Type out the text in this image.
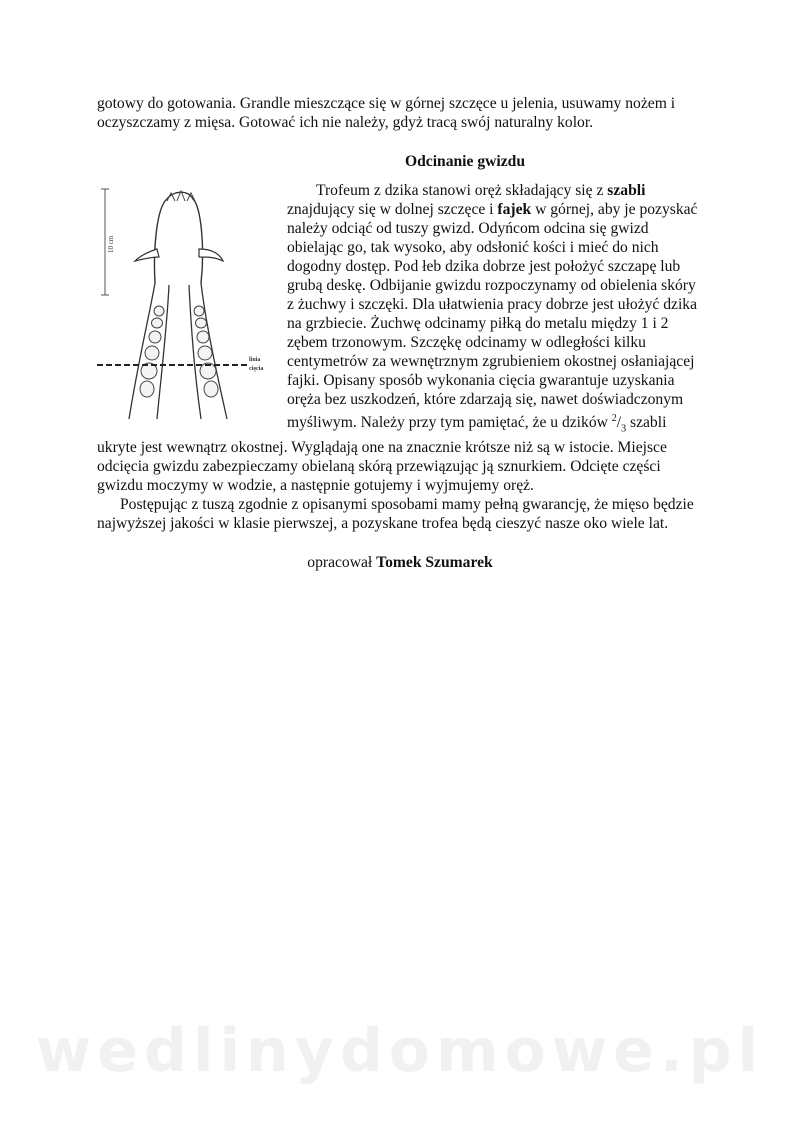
gotowy do gotowania. Grandle mieszczące się w górnej szczęce u jelenia, usuwamy nożem i oczyszczamy z mięsa. Gotować ich nie należy, gdyż tracą swój naturalny kolor.

Odcinanie gwizdu

10 cm
linia
cięcia

Trofeum z dzika stanowi oręż składający się z szabli znajdujący się w dolnej szczęce i fajek w górnej, aby je pozyskać należy odciąć od tuszy gwizd. Odyńcom odcina się gwizd obielając go, tak wysoko, aby odsłonić kości i mieć do nich dogodny dostęp. Pod łeb dzika dobrze jest położyć szczapę lub grubą deskę. Odbijanie gwizdu rozpoczynamy od obielenia skóry z żuchwy i szczęki. Dla ułatwienia pracy dobrze jest ułożyć dzika na grzbiecie. Żuchwę odcinamy piłką do metalu między 1 i 2 zębem trzonowym. Szczękę odcinamy w odległości kilku centymetrów za wewnętrznym zgrubieniem okostnej osłaniającej fajki. Opisany sposób wykonania cięcia gwarantuje uzyskania oręża bez uszkodzeń, które zdarzają się, nawet doświadczonym myśliwym. Należy przy tym pamiętać, że u dzików $^2/_3$ szabli ukryte jest wewnątrz okostnej. Wyglądają one na znacznie krótsze niż są w istocie. Miejsce odcięcia gwizdu zabezpieczamy obielaną skórą przewiązując ją sznurkiem. Odcięte części gwizdu moczymy w wodzie, a następnie gotujemy i wyjmujemy oręż.

Postępując z tuszą zgodnie z opisanymi sposobami mamy pełną gwarancję, że mięso będzie najwyższej jakości w klasie pierwszej, a pozyskane trofea będą cieszyć nasze oko wiele lat.

opracował Tomek Szumarek

wedlinydomowe.pl
